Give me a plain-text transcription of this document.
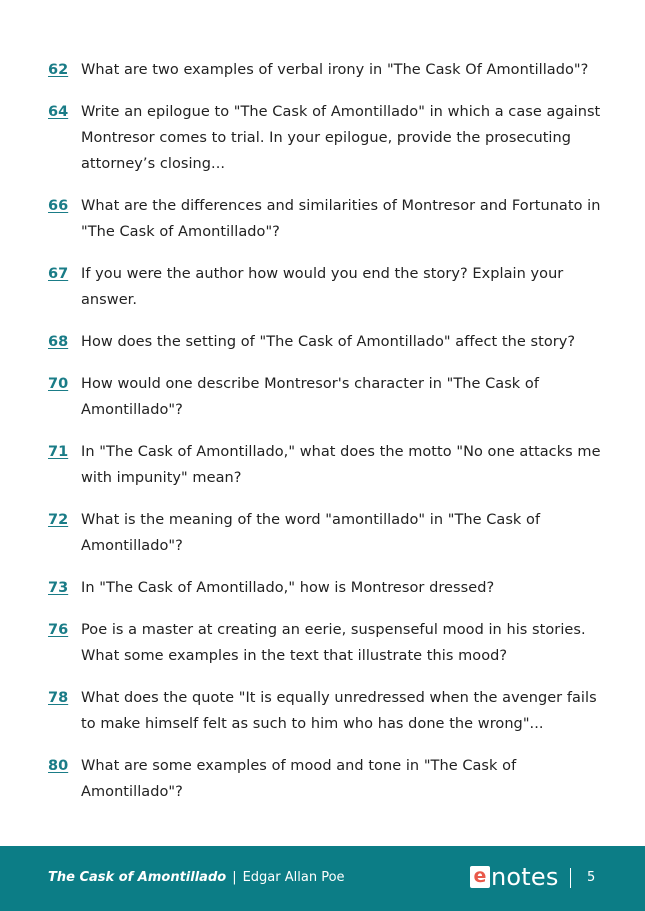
62 What are two examples of verbal irony in "The Cask Of Amontillado"?
64 Write an epilogue to "The Cask of Amontillado" in which a case against Montresor comes to trial. In your epilogue, provide the prosecuting attorney’s closing...
66 What are the differences and similarities of Montresor and Fortunato in "The Cask of Amontillado"?
67 If you were the author how would you end the story? Explain your answer.
68 How does the setting of "The Cask of Amontillado" affect the story?
70 How would one describe Montresor's character in "The Cask of Amontillado"?
71 In "The Cask of Amontillado," what does the motto "No one attacks me with impunity" mean?
72 What is the meaning of the word "amontillado" in "The Cask of Amontillado"?
73 In "The Cask of Amontillado," how is Montresor dressed?
76 Poe is a master at creating an eerie, suspenseful mood in his stories. What some examples in the text that illustrate this mood?
78 What does the quote "It is equally unredressed when the avenger fails to make himself felt as such to him who has done the wrong"...
80 What are some examples of mood and tone in "The Cask of Amontillado"?
The Cask of Amontillado | Edgar Allan Poe	e notes 5
